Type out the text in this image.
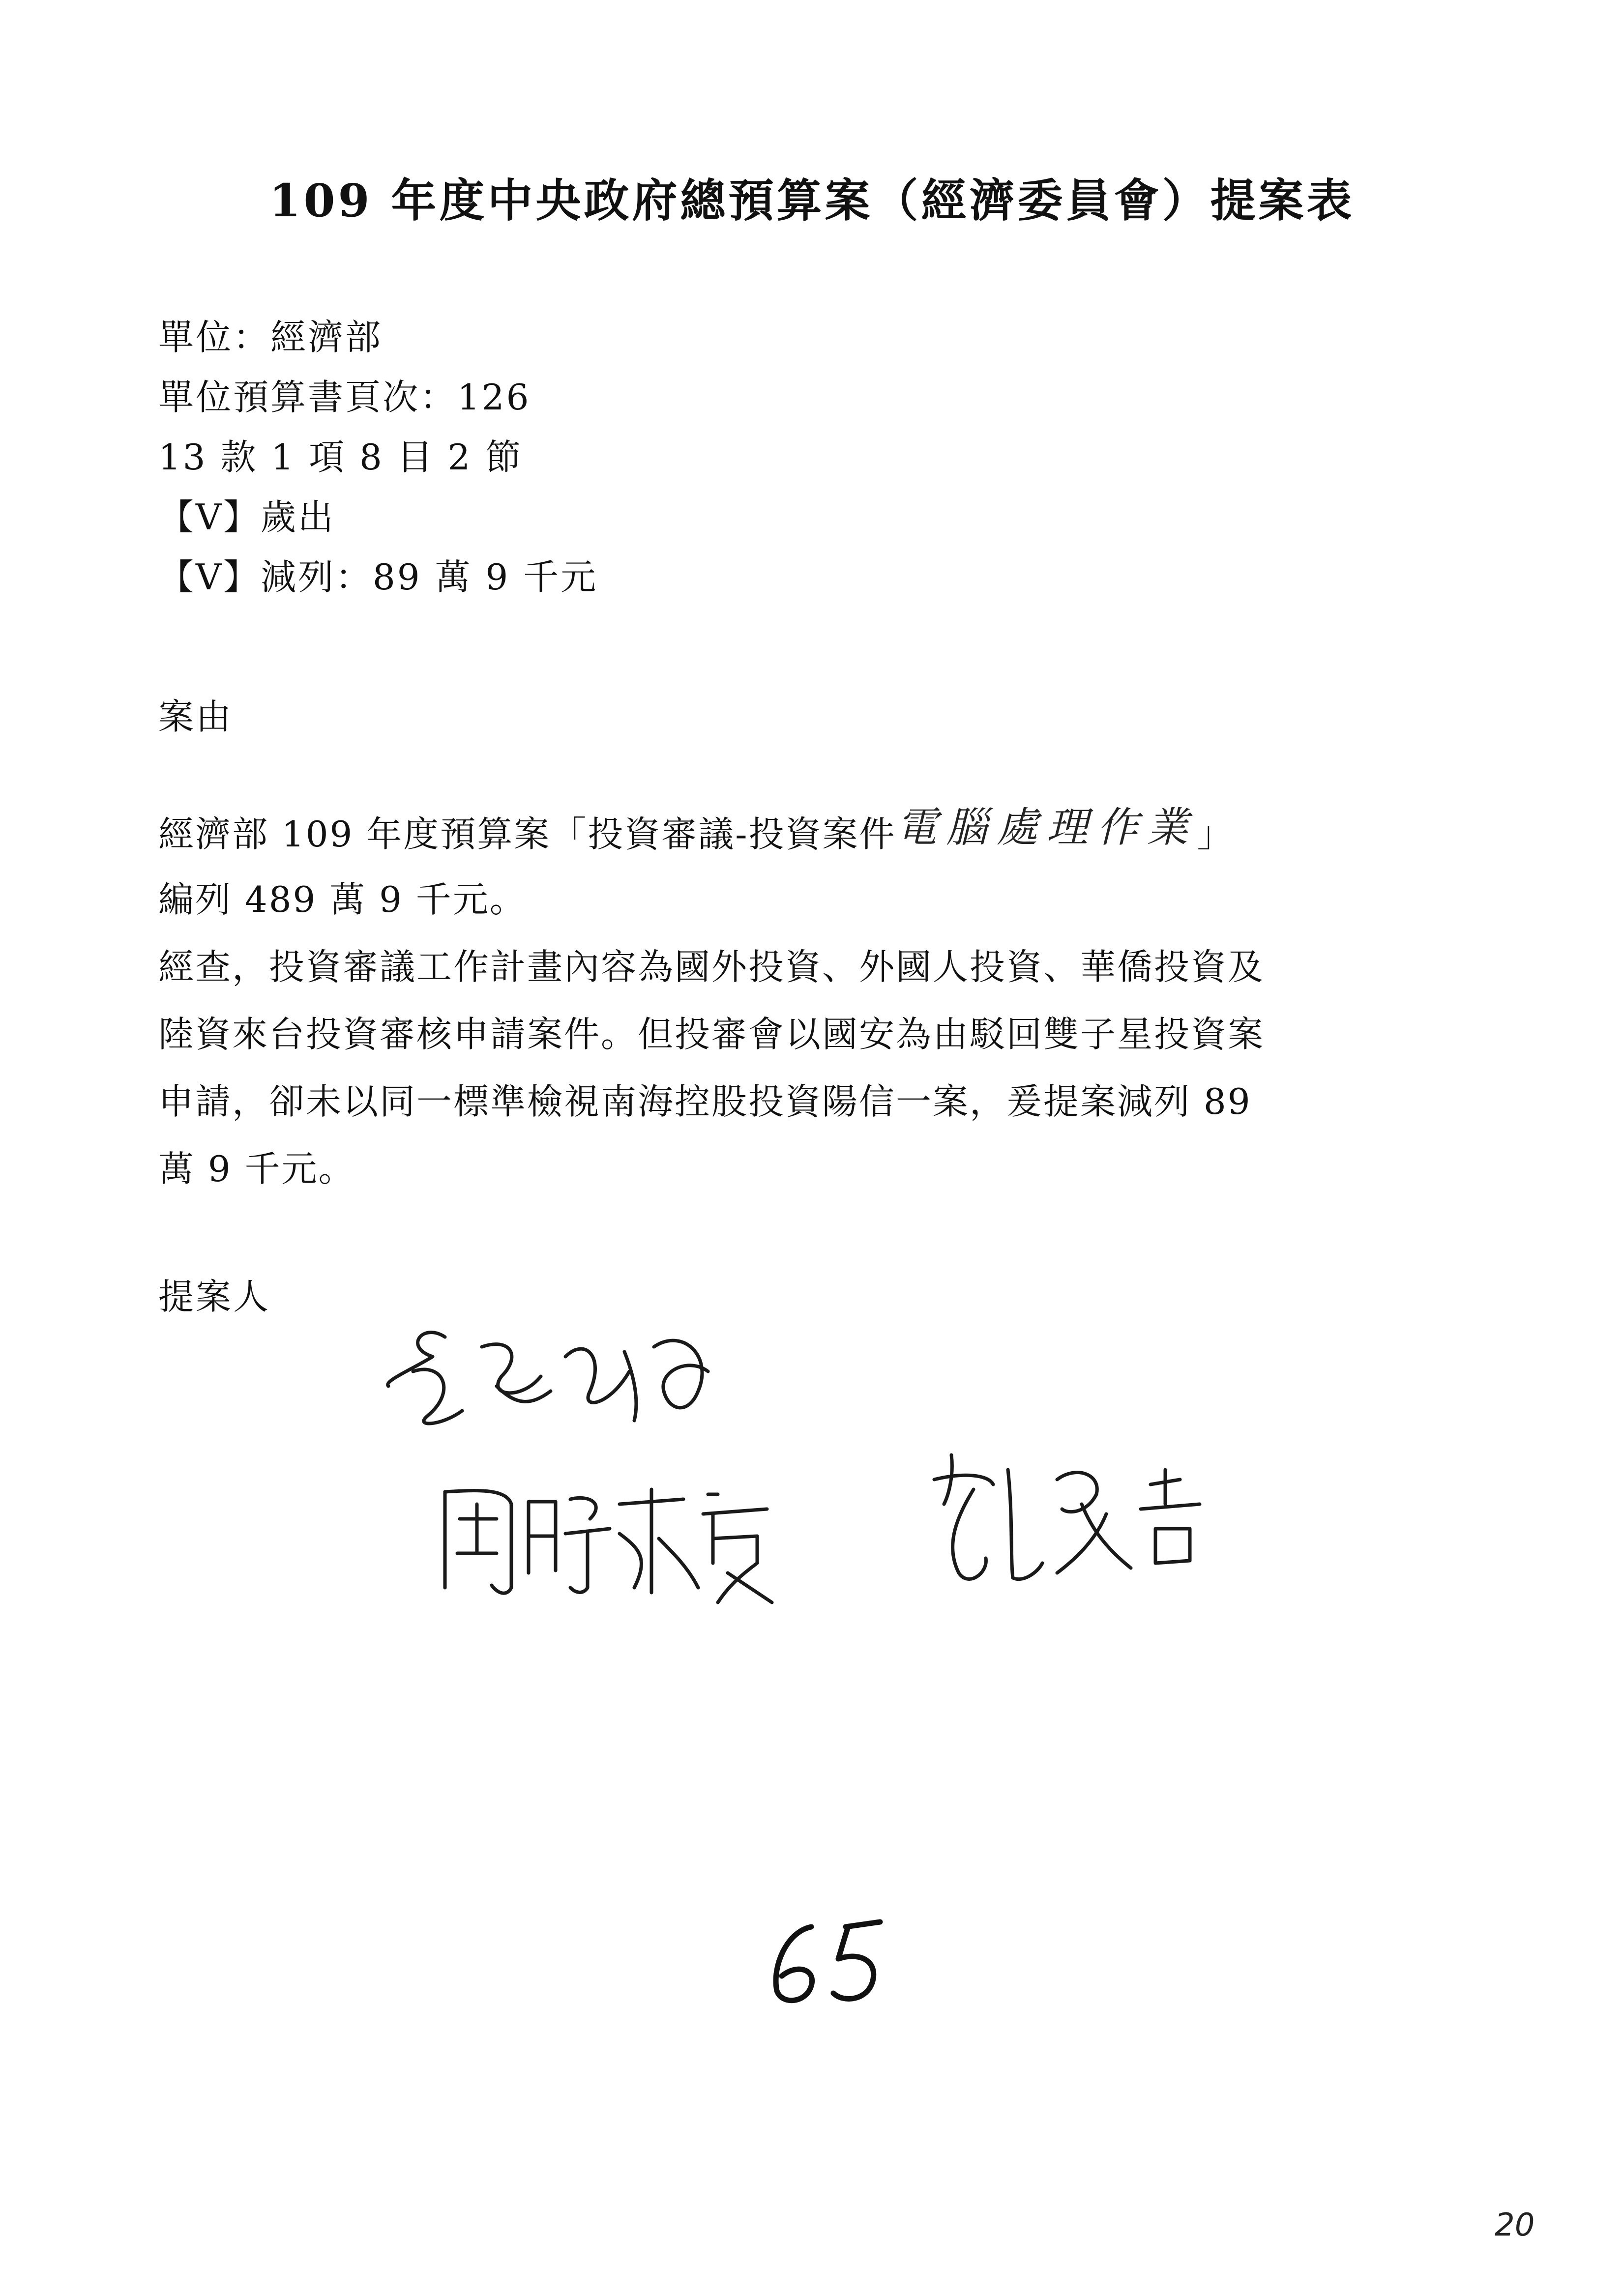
109 年度中央政府總預算案（經濟委員會）提案表
單位：經濟部
單位預算書頁次：126
13 款 1 項 8 目 2 節
【V】歲出
【V】減列：89 萬 9 千元
案由
經濟部 109 年度預算案「投資審議-投資案件電腦處理作業」
編列 489 萬 9 千元。
經查，投資審議工作計畫內容為國外投資、外國人投資、華僑投資及
陸資來台投資審核申請案件。但投審會以國安為由駁回雙子星投資案
申請，卻未以同一標準檢視南海控股投資陽信一案，爰提案減列 89
萬 9 千元。
提案人
20
